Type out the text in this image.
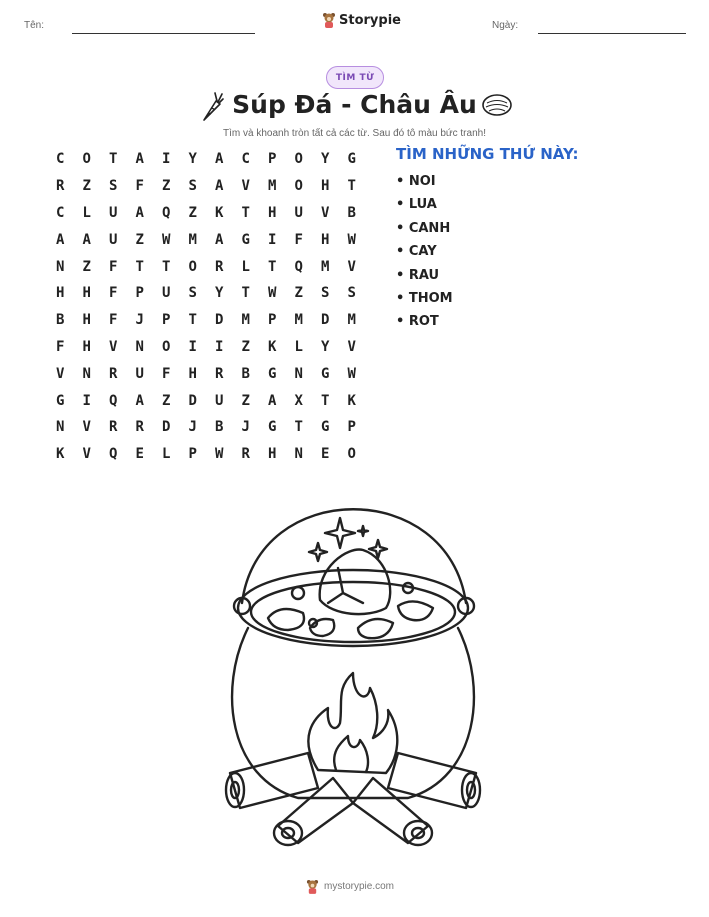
Tên:	Storypie	Ngày:
TÌM TỪ
Súp Đá - Châu Âu
Tìm và khoanh tròn tất cả các từ. Sau đó tô màu bức tranh!
C	O	T	A	I	Y	A	C	P	O	Y	G
R	Z	S	F	Z	S	A	V	M	O	H	T
C	L	U	A	Q	Z	K	T	H	U	V	B
A	A	U	Z	W	M	A	G	I	F	H	W
N	Z	F	T	T	O	R	L	T	Q	M	V
H	H	F	P	U	S	Y	T	W	Z	S	S
B	H	F	J	P	T	D	M	P	M	D	M
F	H	V	N	O	I	I	Z	K	L	Y	V
V	N	R	U	F	H	R	B	G	N	G	W
G	I	Q	A	Z	D	U	Z	A	X	T	K
N	V	R	R	D	J	B	J	G	T	G	P
K	V	Q	E	L	P	W	R	H	N	E	O
TÌM NHỮNG THỨ NÀY:
• NOI
• LUA
• CANH
• CAY
• RAU
• THOM
• ROT
mystorypie.com
